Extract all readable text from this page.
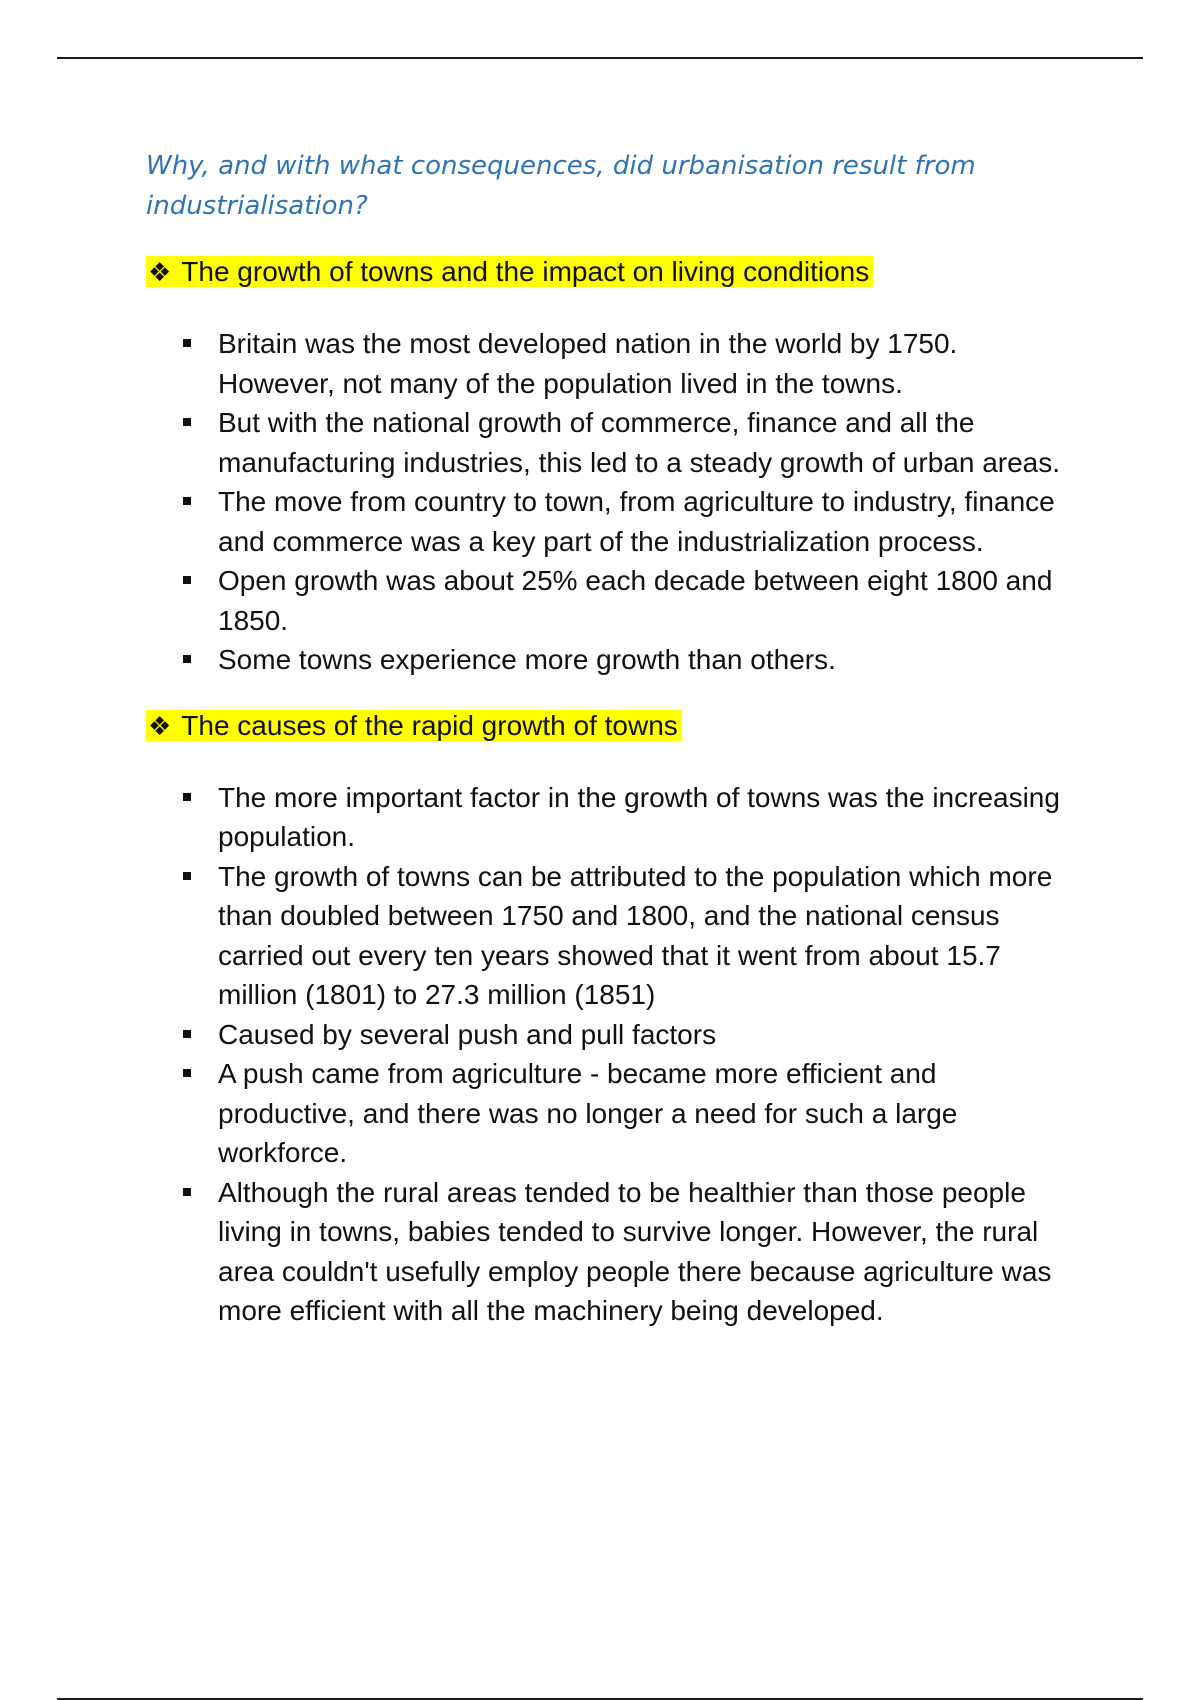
Why, and with what consequences, did urbanisation result from industrialisation?
❖ The growth of towns and the impact on living conditions
Britain was the most developed nation in the world by 1750. However, not many of the population lived in the towns.
But with the national growth of commerce, finance and all the manufacturing industries, this led to a steady growth of urban areas.
The move from country to town, from agriculture to industry, finance and commerce was a key part of the industrialization process.
Open growth was about 25% each decade between eight 1800 and 1850.
Some towns experience more growth than others.
❖ The causes of the rapid growth of towns
The more important factor in the growth of towns was the increasing population.
The growth of towns can be attributed to the population which more than doubled between 1750 and 1800, and the national census carried out every ten years showed that it went from about 15.7 million (1801) to 27.3 million (1851)
Caused by several push and pull factors
A push came from agriculture - became more efficient and productive, and there was no longer a need for such a large workforce.
Although the rural areas tended to be healthier than those people living in towns, babies tended to survive longer. However, the rural area couldn't usefully employ people there because agriculture was more efficient with all the machinery being developed.
